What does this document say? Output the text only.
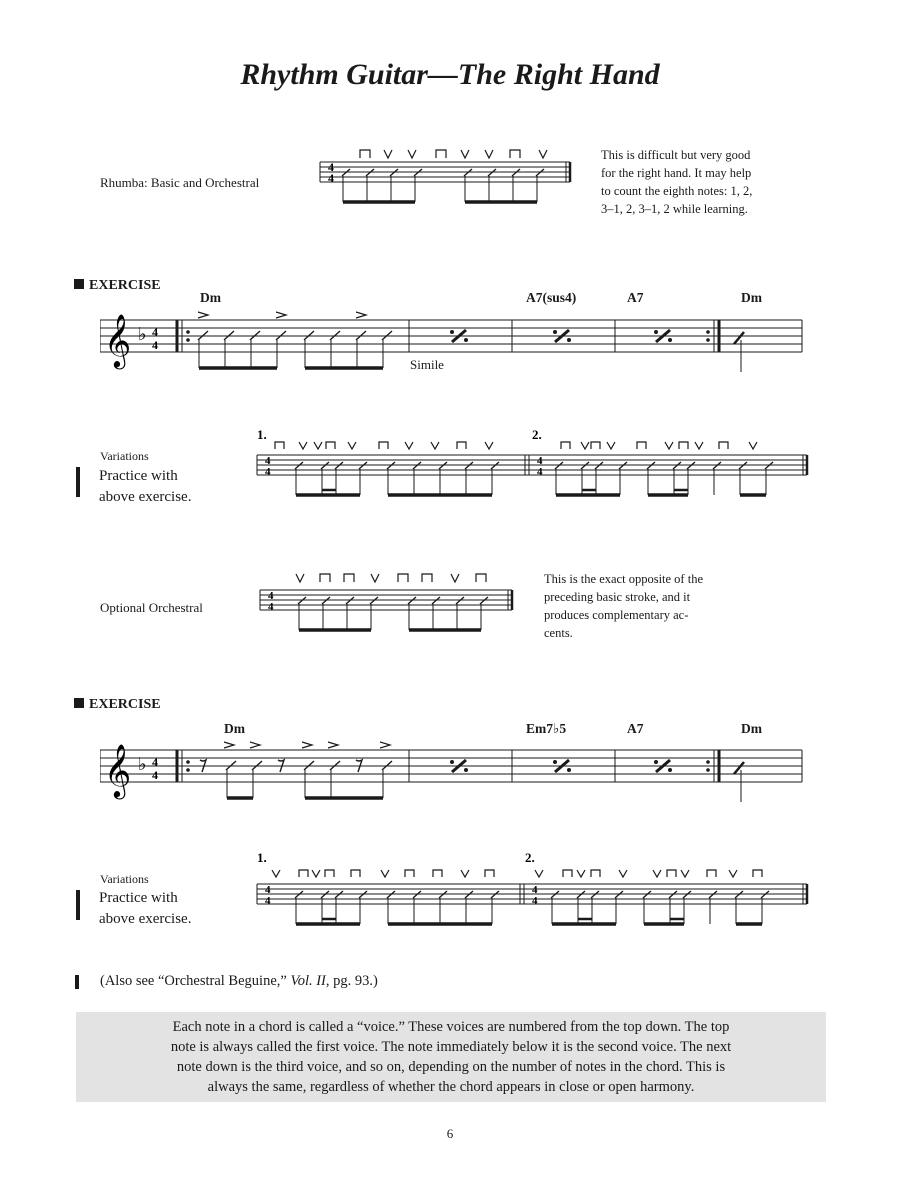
Rhythm Guitar—The Right Hand
Rhumba: Basic and Orchestral
This is difficult but very good
for the right hand. It may help
to count the eighth notes: 1, 2,
3–1, 2, 3–1, 2 while learning.
4
4
EXERCISE
Dm	A7(sus4)	A7	Dm
Simile
𝄞 ♭ 4
4
Variations
Practice with
above exercise.
1.	2.
4
4
4
4
Optional Orchestral
This is the exact opposite of the
preceding basic stroke, and it
produces complementary ac-
cents.
4
4
EXERCISE
Dm	Em7♭5	A7	Dm
𝄞 ♭ 4
4
Variations
Practice with
above exercise.
1.	2.
4
4
4
4
(Also see “Orchestral Beguine,” Vol. II, pg. 93.)

Each note in a chord is called a “voice.” These voices are numbered from the top down. The top
note is always called the first voice. The note immediately below it is the second voice. The next
note down is the third voice, and so on, depending on the number of notes in the chord. This is
always the same, regardless of whether the chord appears in close or open harmony.

6
